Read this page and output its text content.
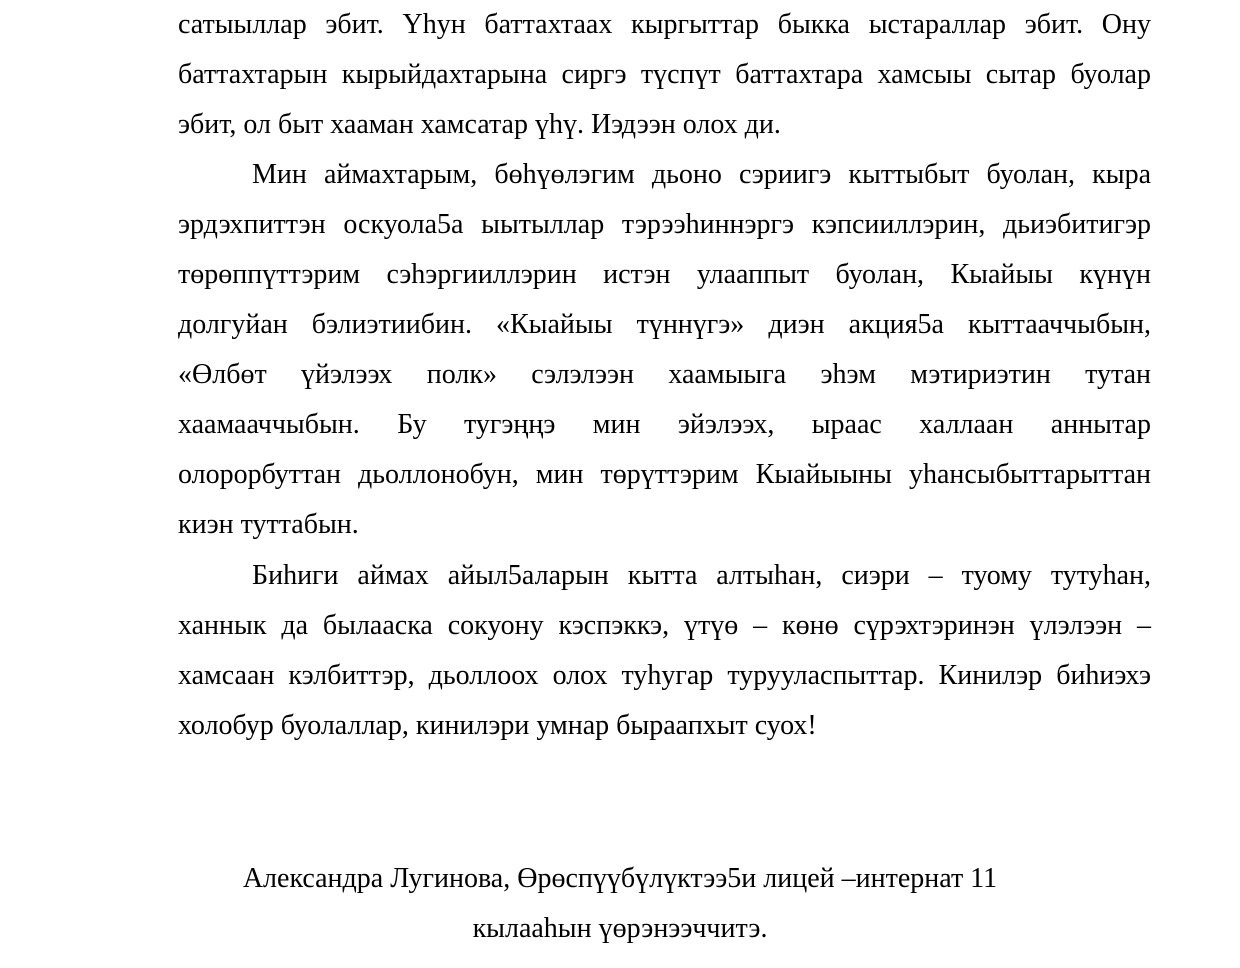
сатыыллар эбит. Үһун баттахтаах кыргыттар быкка ыстараллар эбит. Ону
баттахтарын кырыйдахтарына сиргэ түспүт баттахтара хамсыы сытар буолар
эбит, ол быт хааман хамсатар үһү. Иэдээн олох ди.
Мин аймахтарым, бөһүөлэгим дьоно сэриигэ кыттыбыт буолан, кыра
эрдэхпиттэн оскуола5а ыытыллар тэрээһиннэргэ кэпсииллэрин, дьиэбитигэр
төрөппүттэрим сэһэргииллэрин истэн улааппыт буолан, Кыайыы күнүн
долгуйан бэлиэтиибин. «Кыайыы түннүгэ» диэн акция5а кыттааччыбын,
«Өлбөт үйэлээх полк» сэлэлээн хаамыыга эһэм мэтириэтин тутан
хаамааччыбын. Бу тугэңңэ мин эйэлээх, ыраас халлаан аннытар
олорорбуттан дьоллонобун, мин төрүттэрим Кыайыыны уһансыбыттарыттан
киэн туттабын.
Биһиги аймах айыл5аларын кытта алтыһан, сиэри – туому тутуһан,
ханнык да былааска сокуону кэспэккэ, үтүө – көнө сүрэхтэринэн үлэлээн –
хамсаан кэлбиттэр, дьоллоох олох туһугар туруулаcпыттар. Кинилэр биһиэхэ
холобур буолаллар, кинилэри умнар быраапхыт суох!
Александра Лугинова, Өрөспүүбүлүктээ5и лицей –интернат 11
кылааһын үөрэнээччитэ.
